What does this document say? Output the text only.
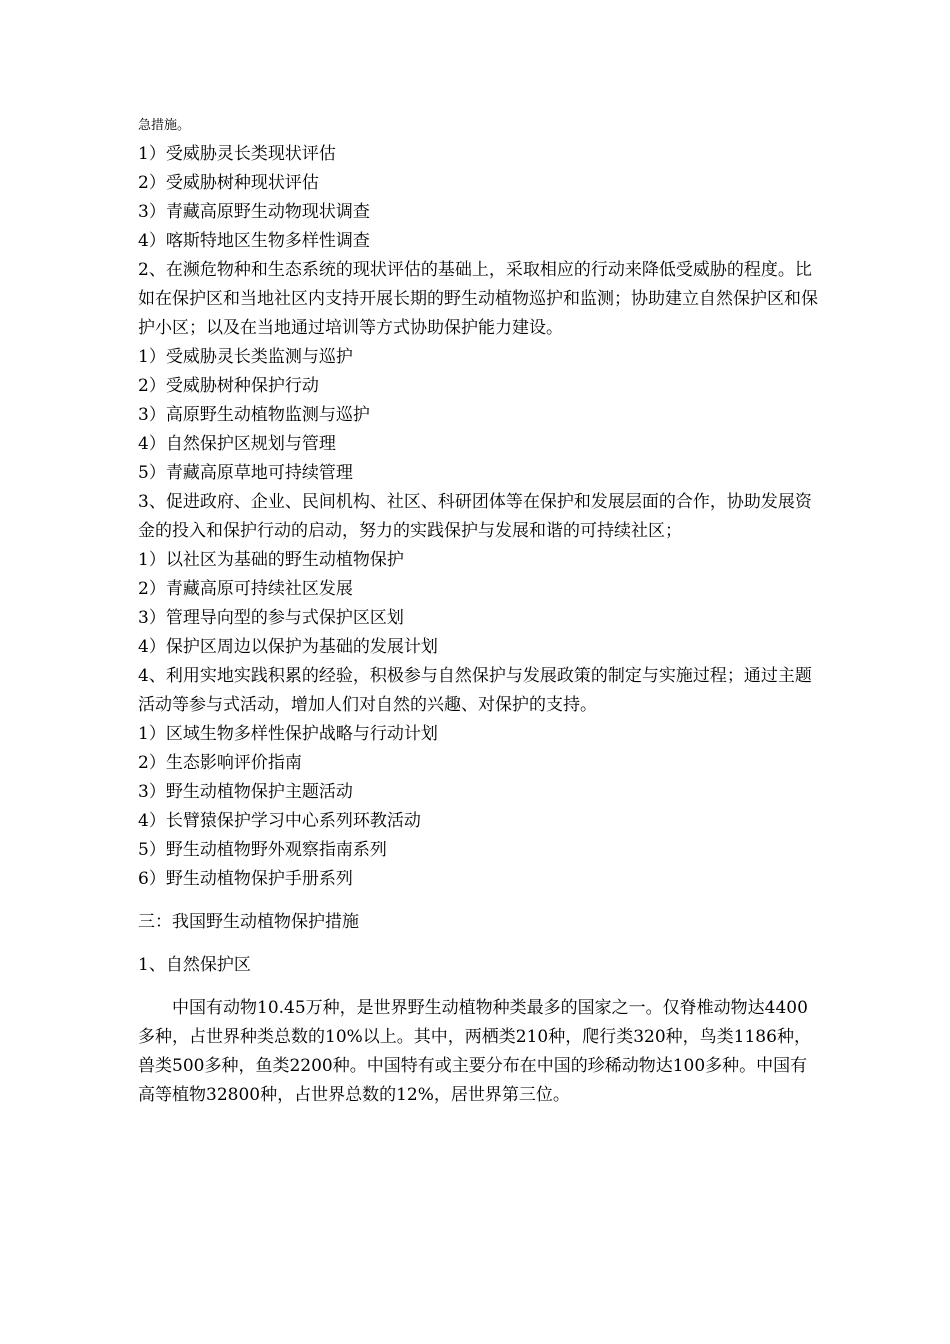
急措施。
1）受威胁灵长类现状评估
2）受威胁树种现状评估
3）青藏高原野生动物现状调查
4）喀斯特地区生物多样性调查
2、在濒危物种和生态系统的现状评估的基础上，采取相应的行动来降低受威胁的程度。比如在保护区和当地社区内支持开展长期的野生动植物巡护和监测；协助建立自然保护区和保护小区；以及在当地通过培训等方式协助保护能力建设。
1）受威胁灵长类监测与巡护
2）受威胁树种保护行动
3）高原野生动植物监测与巡护
4）自然保护区规划与管理
5）青藏高原草地可持续管理
3、促进政府、企业、民间机构、社区、科研团体等在保护和发展层面的合作，协助发展资金的投入和保护行动的启动，努力的实践保护与发展和谐的可持续社区；
1）以社区为基础的野生动植物保护
2）青藏高原可持续社区发展
3）管理导向型的参与式保护区区划
4）保护区周边以保护为基础的发展计划
4、利用实地实践积累的经验，积极参与自然保护与发展政策的制定与实施过程；通过主题活动等参与式活动，增加人们对自然的兴趣、对保护的支持。
1）区域生物多样性保护战略与行动计划
2）生态影响评价指南
3）野生动植物保护主题活动
4）长臂猿保护学习中心系列环教活动
5）野生动植物野外观察指南系列
6）野生动植物保护手册系列
三：我国野生动植物保护措施
1、自然保护区
中国有动物10.45万种，是世界野生动植物种类最多的国家之一。仅脊椎动物达4400多种，占世界种类总数的10%以上。其中，两栖类210种，爬行类320种，鸟类1186种，兽类500多种，鱼类2200种。中国特有或主要分布在中国的珍稀动物达100多种。中国有高等植物32800种，占世界总数的12%，居世界第三位。
